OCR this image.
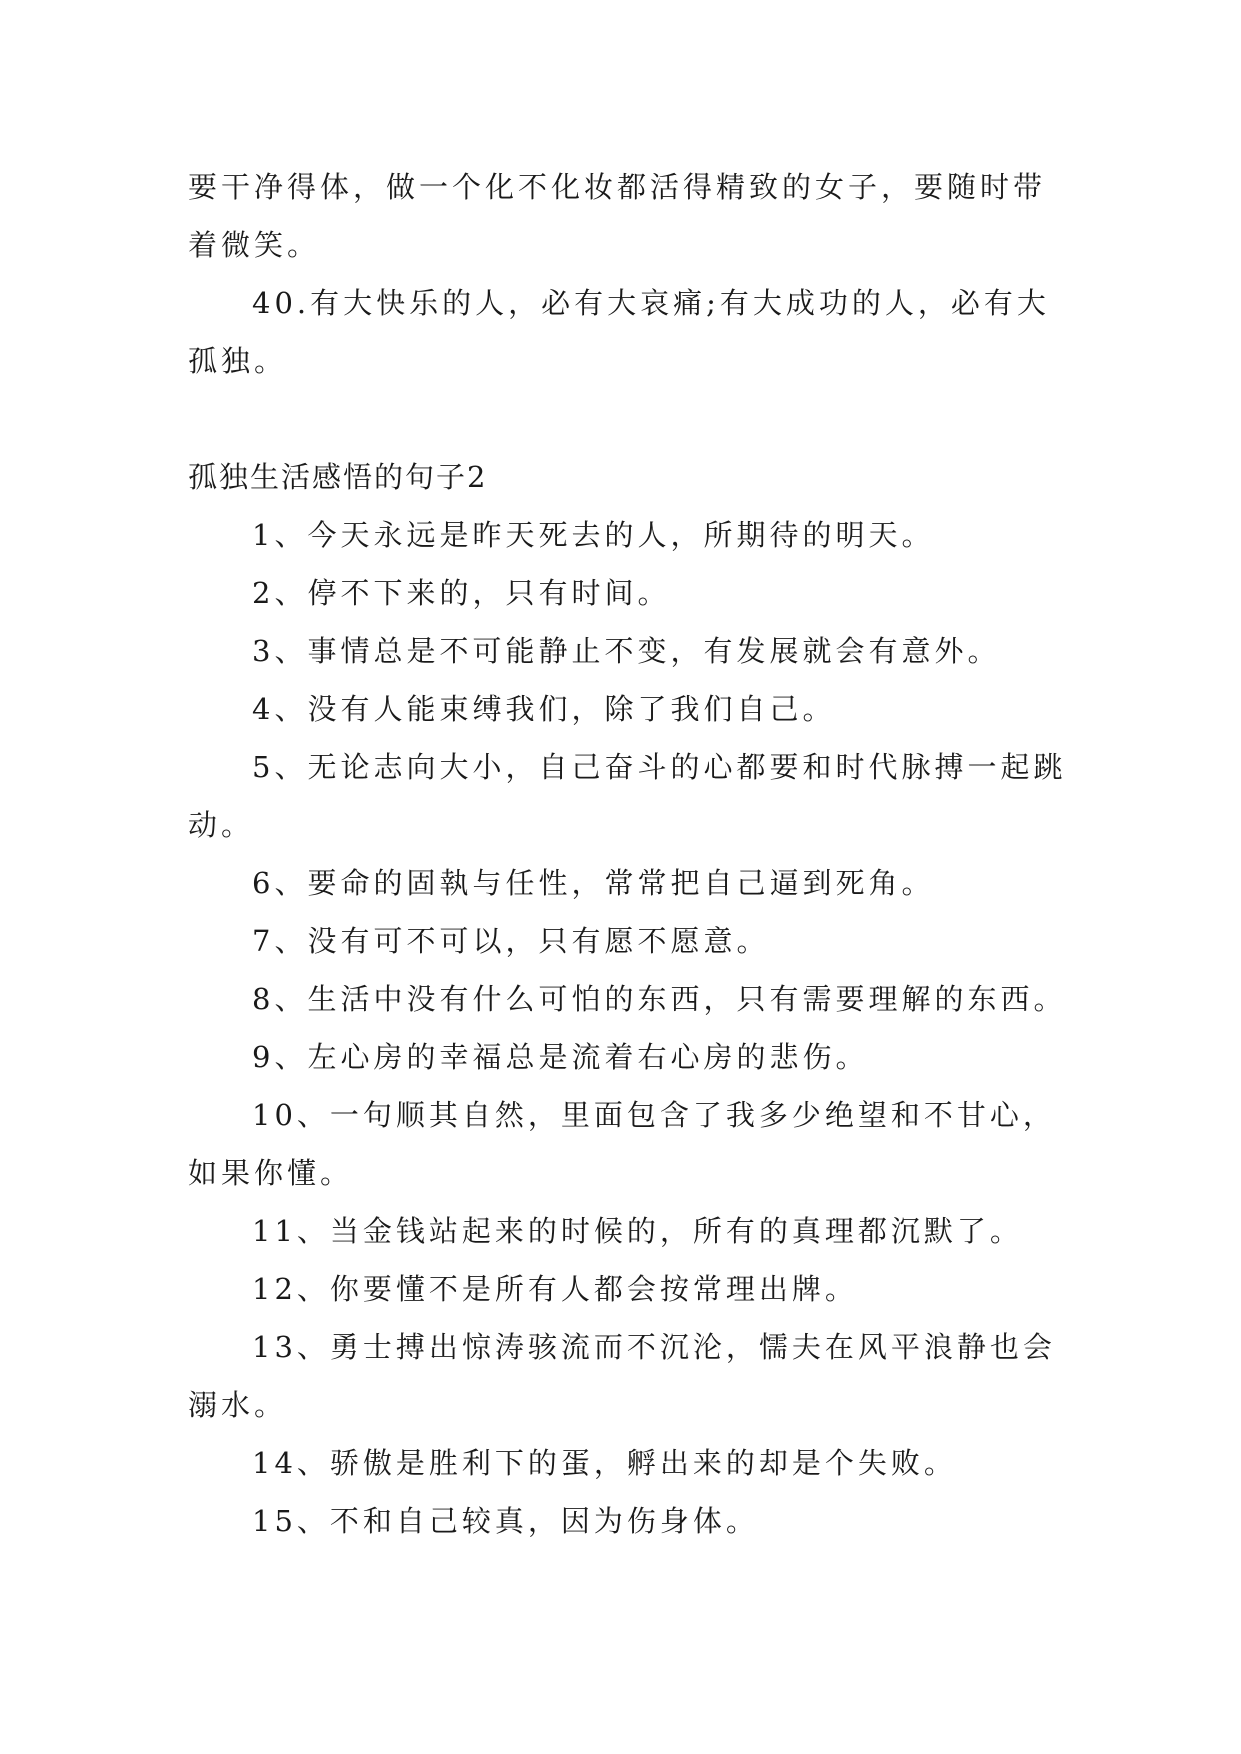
要干净得体，做一个化不化妆都活得精致的女子，要随时带着微笑。

40.有大快乐的人，必有大哀痛;有大成功的人，必有大孤独。

孤独生活感悟的句子2

1、今天永远是昨天死去的人，所期待的明天。

2、停不下来的，只有时间。

3、事情总是不可能静止不变，有发展就会有意外。

4、没有人能束缚我们，除了我们自己。

5、无论志向大小，自己奋斗的心都要和时代脉搏一起跳动。

6、要命的固執与任性，常常把自己逼到死角。

7、没有可不可以，只有愿不愿意。

8、生活中没有什么可怕的东西，只有需要理解的东西。

9、左心房的幸福总是流着右心房的悲伤。

10、一句顺其自然，里面包含了我多少绝望和不甘心，如果你懂。

11、当金钱站起来的时候的，所有的真理都沉默了。

12、你要懂不是所有人都会按常理出牌。

13、勇士搏出惊涛骇流而不沉沦，懦夫在风平浪静也会溺水。

14、骄傲是胜利下的蛋，孵出来的却是个失败。

15、不和自己较真，因为伤身体。
